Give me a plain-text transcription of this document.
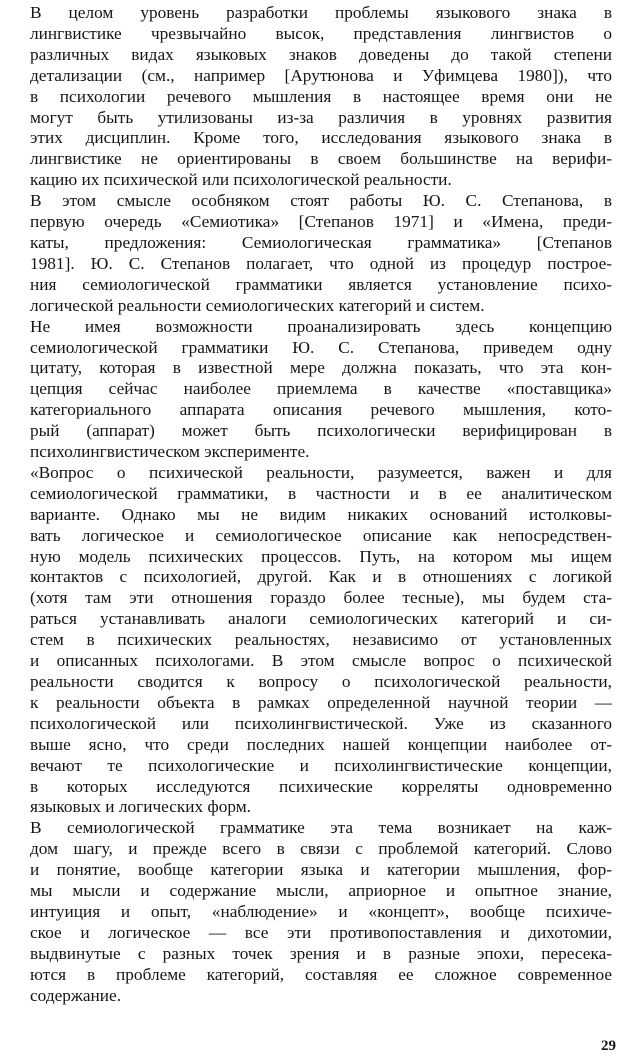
В целом уровень разработки проблемы языкового знака в
лингвистике чрезвычайно высок, представления лингвистов о
различных видах языковых знаков доведены до такой степени
детализации (см., например [Арутюнова и Уфимцева 1980]), что
в психологии речевого мышления в настоящее время они не
могут быть утилизованы из-за различия в уровнях развития
этих дисциплин. Кроме того, исследования языкового знака в
лингвистике не ориентированы в своем большинстве на верифи-
кацию их психической или психологической реальности.
В этом смысле особняком стоят работы Ю. С. Степанова, в
первую очередь «Семиотика» [Степанов 1971] и «Имена, преди-
каты, предложения: Семиологическая грамматика» [Степанов
1981]. Ю. С. Степанов полагает, что одной из процедур построе-
ния семиологической грамматики является установление психо-
логической реальности семиологических категорий и систем.
Не имея возможности проанализировать здесь концепцию
семиологической грамматики Ю. С. Степанова, приведем одну
цитату, которая в известной мере должна показать, что эта кон-
цепция сейчас наиболее приемлема в качестве «поставщика»
категориального аппарата описания речевого мышления, кото-
рый (аппарат) может быть психологически верифицирован в
психолингвистическом эксперименте.
«Вопрос о психической реальности, разумеется, важен и для
семиологической грамматики, в частности и в ее аналитическом
варианте. Однако мы не видим никаких оснований истолковы-
вать логическое и семиологическое описание как непосредствен-
ную модель психических процессов. Путь, на котором мы ищем
контактов с психологией, другой. Как и в отношениях с логикой
(хотя там эти отношения гораздо более тесные), мы будем ста-
раться устанавливать аналоги семиологических категорий и си-
стем в психических реальностях, независимо от установленных
и описанных психологами. В этом смысле вопрос о психической
реальности сводится к вопросу о психологической реальности,
к реальности объекта в рамках определенной научной теории —
психологической или психолингвистической. Уже из сказанного
выше ясно, что среди последних нашей концепции наиболее от-
вечают те психологические и психолингвистические концепции,
в которых исследуются психические корреляты одновременно
языковых и логических форм.
В семиологической грамматике эта тема возникает на каж-
дом шагу, и прежде всего в связи с проблемой категорий. Слово
и понятие, вообще категории языка и категории мышления, фор-
мы мысли и содержание мысли, априорное и опытное знание,
интуиция и опыт, «наблюдение» и «концепт», вообще психиче-
ское и логическое — все эти противопоставления и дихотомии,
выдвинутые с разных точек зрения и в разные эпохи, пересека-
ются в проблеме категорий, составляя ее сложное современное
содержание.
29
